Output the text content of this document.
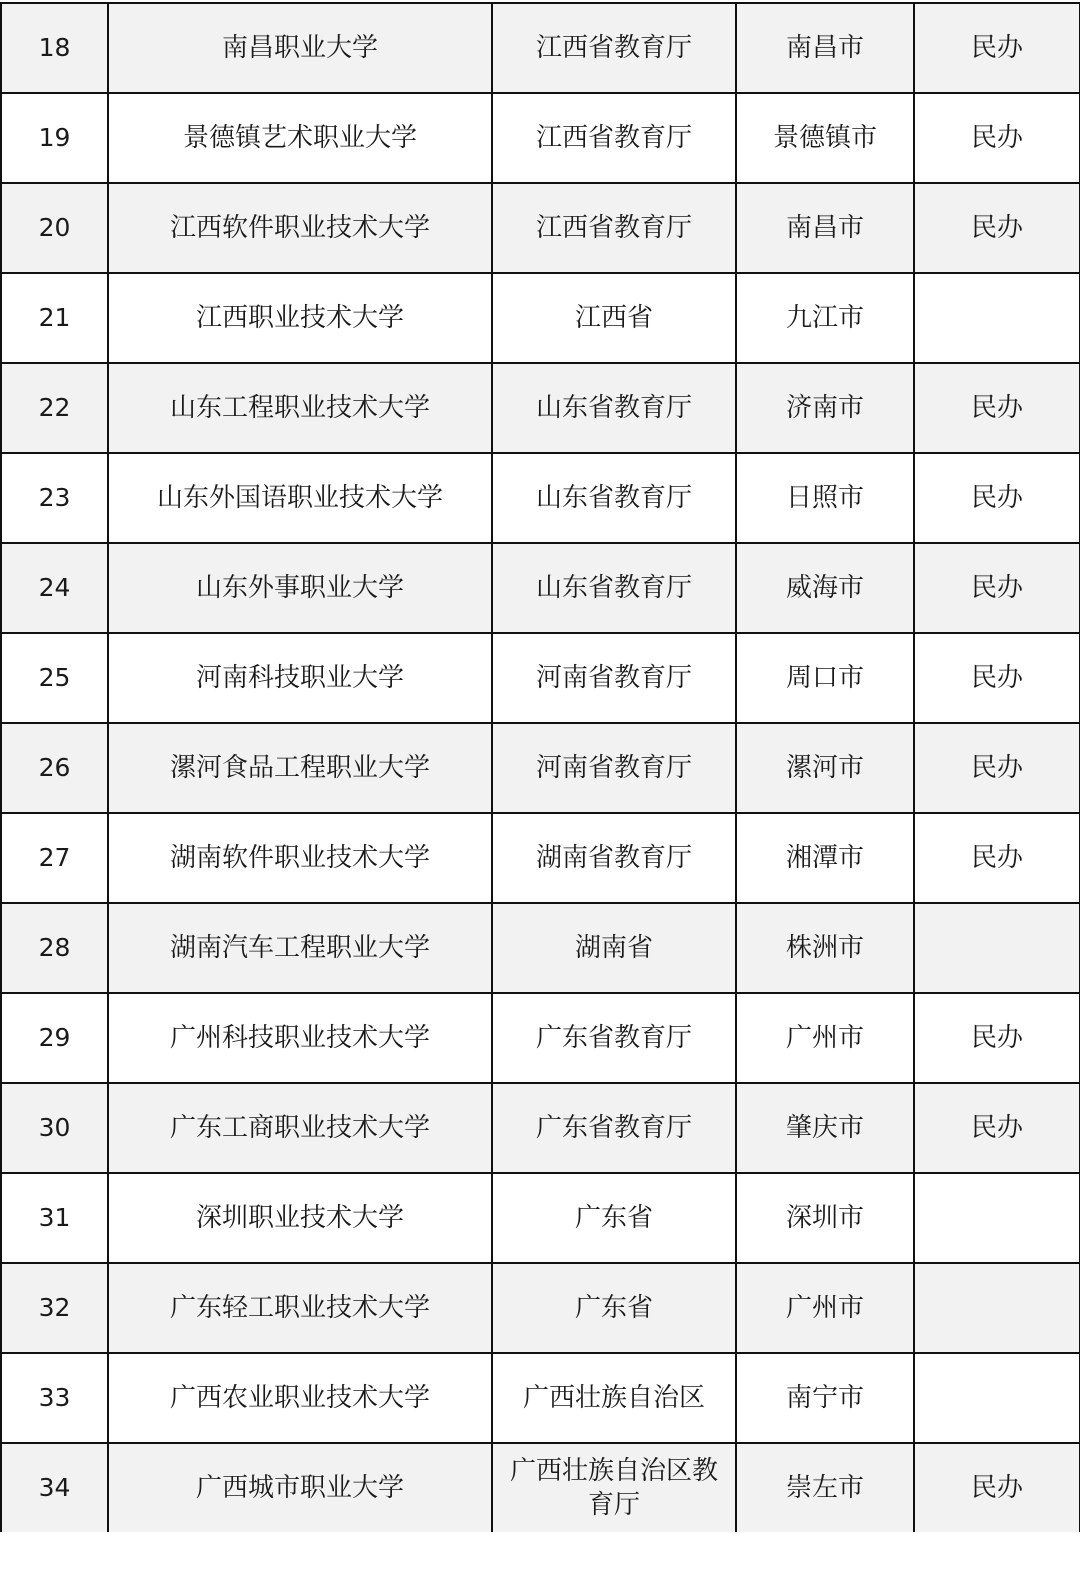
18	南昌职业大学	江西省教育厅	南昌市	民办
19	景德镇艺术职业大学	江西省教育厅	景德镇市	民办
20	江西软件职业技术大学	江西省教育厅	南昌市	民办
21	江西职业技术大学	江西省	九江市	
22	山东工程职业技术大学	山东省教育厅	济南市	民办
23	山东外国语职业技术大学	山东省教育厅	日照市	民办
24	山东外事职业大学	山东省教育厅	威海市	民办
25	河南科技职业大学	河南省教育厅	周口市	民办
26	漯河食品工程职业大学	河南省教育厅	漯河市	民办
27	湖南软件职业技术大学	湖南省教育厅	湘潭市	民办
28	湖南汽车工程职业大学	湖南省	株洲市	
29	广州科技职业技术大学	广东省教育厅	广州市	民办
30	广东工商职业技术大学	广东省教育厅	肇庆市	民办
31	深圳职业技术大学	广东省	深圳市	
32	广东轻工职业技术大学	广东省	广州市	
33	广西农业职业技术大学	广西壮族自治区	南宁市	
34	广西城市职业大学	广西壮族自治区教育厅	崇左市	民办
